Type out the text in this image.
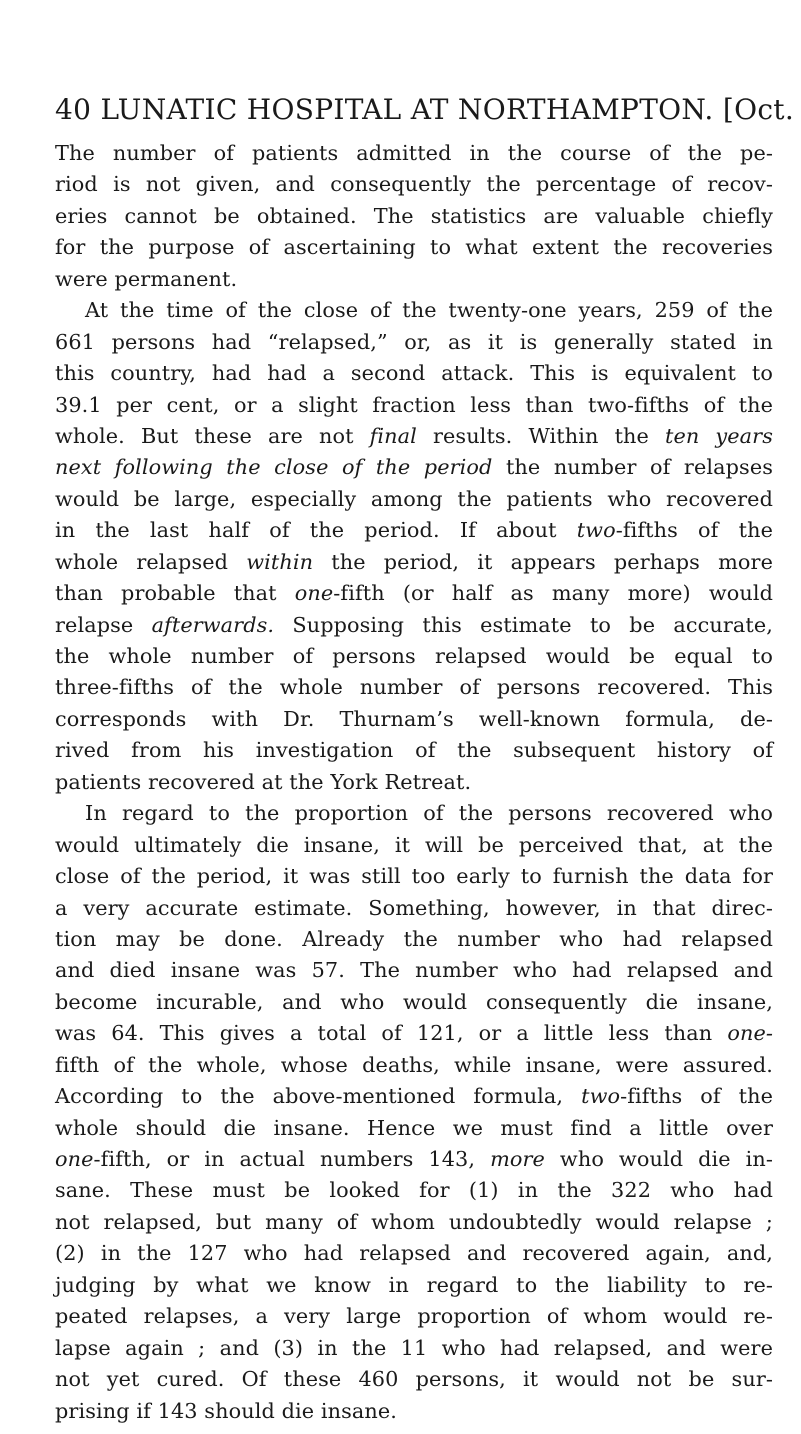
40 LUNATIC HOSPITAL AT NORTHAMPTON. [Oct.
The number of patients admitted in the course of the pe-
riod is not given, and consequently the percentage of recov-
eries cannot be obtained. The statistics are valuable chiefly
for the purpose of ascertaining to what extent the recoveries
were permanent.
At the time of the close of the twenty-one years, 259 of the
661 persons had “relapsed,” or, as it is generally stated in
this country, had had a second attack. This is equivalent to
39.1 per cent, or a slight fraction less than two-fifths of the
whole. But these are not final results. Within the ten years
next following the close of the period the number of relapses
would be large, especially among the patients who recovered
in the last half of the period. If about two-fifths of the
whole relapsed within the period, it appears perhaps more
than probable that one-fifth (or half as many more) would
relapse afterwards. Supposing this estimate to be accurate,
the whole number of persons relapsed would be equal to
three-fifths of the whole number of persons recovered. This
corresponds with Dr. Thurnam’s well-known formula, de-
rived from his investigation of the subsequent history of
patients recovered at the York Retreat.
In regard to the proportion of the persons recovered who
would ultimately die insane, it will be perceived that, at the
close of the period, it was still too early to furnish the data for
a very accurate estimate. Something, however, in that direc-
tion may be done. Already the number who had relapsed
and died insane was 57. The number who had relapsed and
become incurable, and who would consequently die insane,
was 64. This gives a total of 121, or a little less than one-
fifth of the whole, whose deaths, while insane, were assured.
According to the above-mentioned formula, two-fifths of the
whole should die insane. Hence we must find a little over
one-fifth, or in actual numbers 143, more who would die in-
sane. These must be looked for (1) in the 322 who had
not relapsed, but many of whom undoubtedly would relapse ;
(2) in the 127 who had relapsed and recovered again, and,
judging by what we know in regard to the liability to re-
peated relapses, a very large proportion of whom would re-
lapse again ; and (3) in the 11 who had relapsed, and were
not yet cured. Of these 460 persons, it would not be sur-
prising if 143 should die insane.
